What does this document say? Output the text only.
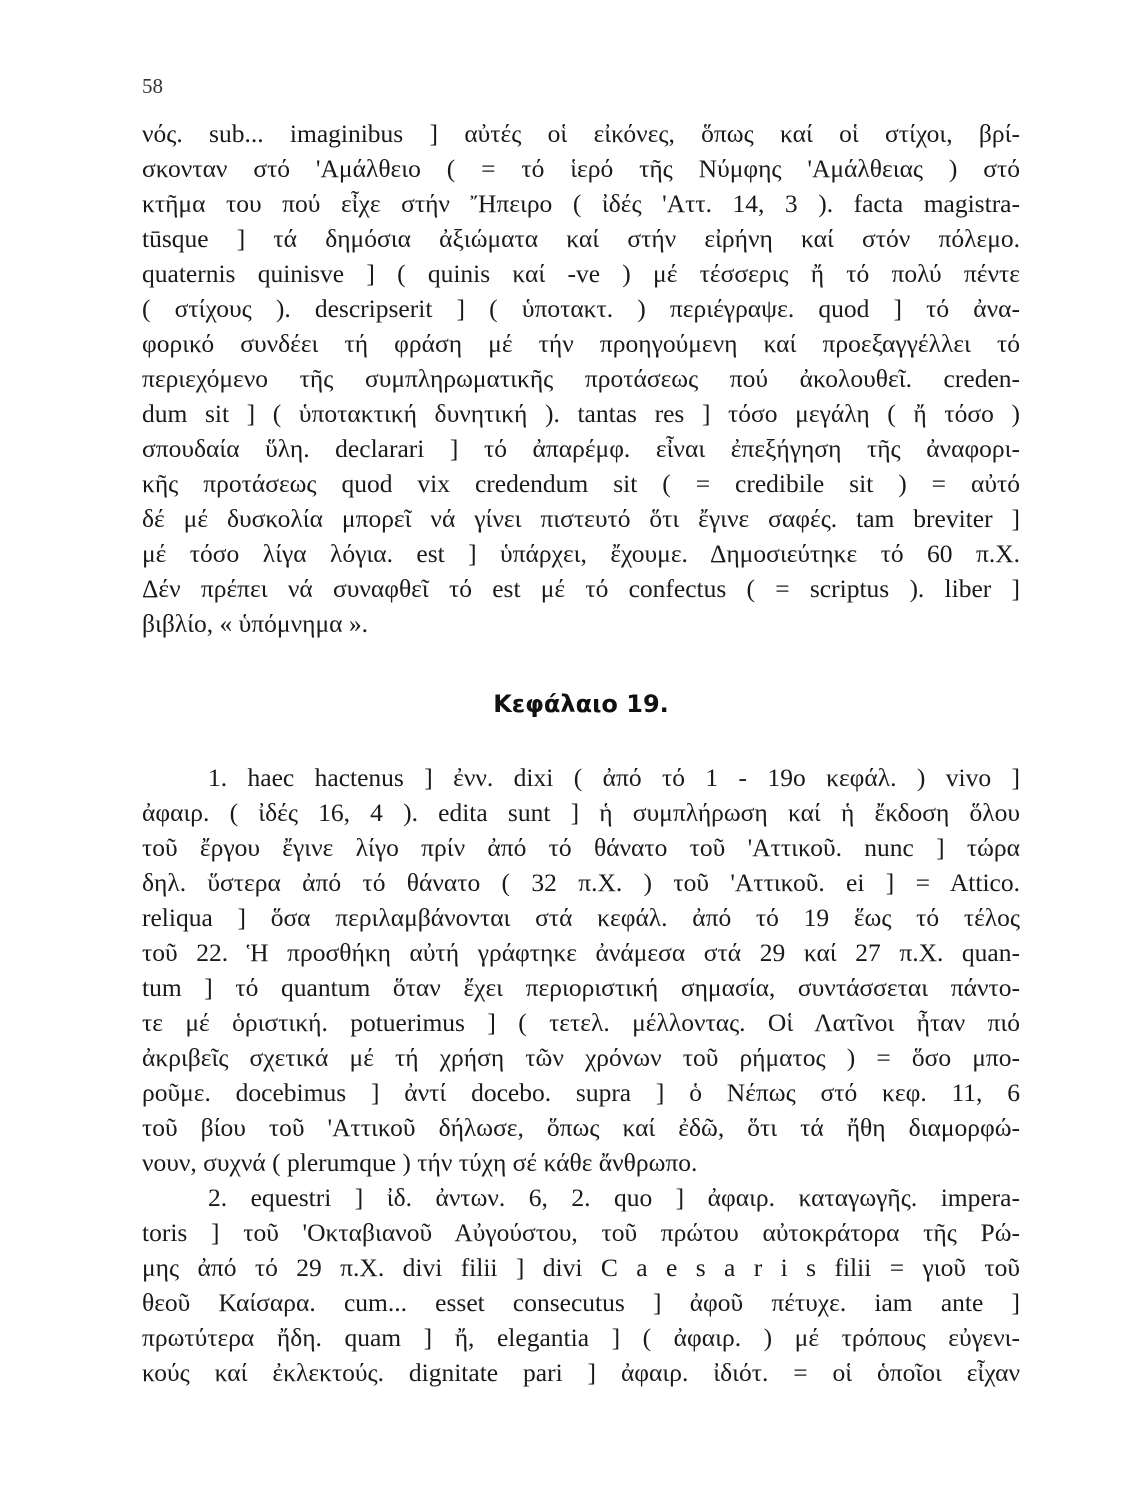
58
νός. sub... imaginibus ] αὐτές οἱ εἰκόνες, ὅπως καί οἱ στίχοι, βρί-
σκονταν στό 'Αμάλθειο ( = τό ἱερό τῆς Νύμφης 'Αμάλθειας ) στό
κτῆμα του πού εἶχε στήν Ἤπειρο ( ἰδές 'Αττ. 14, 3 ). facta magistra-
tūsque ] τά δημόσια ἀξιώματα καί στήν εἰρήνη καί στόν πόλεμο.
quaternis quinisve ] ( quinis καί -ve ) μέ τέσσερις ἤ τό πολύ πέντε
( στίχους ). descripserit ] ( ὑποτακτ. ) περιέγραψε. quod ] τό ἀνα-
φορικό συνδέει τή φράση μέ τήν προηγούμενη καί προεξαγγέλλει τό
περιεχόμενο τῆς συμπληρωματικῆς προτάσεως πού ἀκολουθεῖ. creden-
dum sit ] ( ὑποτακτική δυνητική ). tantas res ] τόσο μεγάλη ( ἤ τόσο )
σπουδαία ὕλη. declarari ] τό ἀπαρέμφ. εἶναι ἐπεξήγηση τῆς ἀναφορι-
κῆς προτάσεως quod vix credendum sit ( = credibile sit ) = αὐτό
δέ μέ δυσκολία μπορεῖ νά γίνει πιστευτό ὅτι ἔγινε σαφές. tam breviter ]
μέ τόσο λίγα λόγια. est ] ὑπάρχει, ἔχουμε. Δημοσιεύτηκε τό 60 π.Χ.
Δέν πρέπει νά συναφθεῖ τό est μέ τό confectus ( = scriptus ). liber ]
βιβλίο, « ὑπόμνημα ».
Κεφάλαιο 19.
1. haec hactenus ] ἐνν. dixi ( ἀπό τό 1 - 19ο κεφάλ. ) vivo ]
ἀφαιρ. ( ἰδές 16, 4 ). edita sunt ] ἡ συμπλήρωση καί ἡ ἔκδοση ὅλου
τοῦ ἔργου ἔγινε λίγο πρίν ἀπό τό θάνατο τοῦ 'Αττικοῦ. nunc ] τώρα
δηλ. ὕστερα ἀπό τό θάνατο ( 32 π.Χ. ) τοῦ 'Αττικοῦ. ei ] = Attico.
reliqua ] ὅσα περιλαμβάνονται στά κεφάλ. ἀπό τό 19 ἕως τό τέλος
τοῦ 22. Ἡ προσθήκη αὐτή γράφτηκε ἀνάμεσα στά 29 καί 27 π.Χ. quan-
tum ] τό quantum ὅταν ἔχει περιοριστική σημασία, συντάσσεται πάντο-
τε μέ ὁριστική. potuerimus ] ( τετελ. μέλλοντας. Οἱ Λατῖνοι ἦταν πιό
ἀκριβεῖς σχετικά μέ τή χρήση τῶν χρόνων τοῦ ρήματος ) = ὅσο μπο-
ροῦμε. docebimus ] ἀντί docebo. supra ] ὁ Νέπως στό κεφ. 11, 6
τοῦ βίου τοῦ 'Αττικοῦ δήλωσε, ὅπως καί ἐδῶ, ὅτι τά ἤθη διαμορφώ-
νουν, συχνά ( plerumque ) τήν τύχη σέ κάθε ἄνθρωπο.
2. equestri ] ἰδ. ἀντων. 6, 2. quo ] ἀφαιρ. καταγωγῆς. impera-
toris ] τοῦ 'Οκταβιανοῦ Αὐγούστου, τοῦ πρώτου αὐτοκράτορα τῆς Ρώ-
μης ἀπό τό 29 π.Χ. divi filii ] divi C a e s a r i s filii = γιοῦ τοῦ
θεοῦ Καίσαρα. cum... esset consecutus ] ἀφοῦ πέτυχε. iam ante ]
πρωτύτερα ἤδη. quam ] ἤ, elegantia ] ( ἀφαιρ. ) μέ τρόπους εὐγενι-
κούς καί ἐκλεκτούς. dignitate pari ] ἀφαιρ. ἰδιότ. = οἱ ὁποῖοι εἶχαν
